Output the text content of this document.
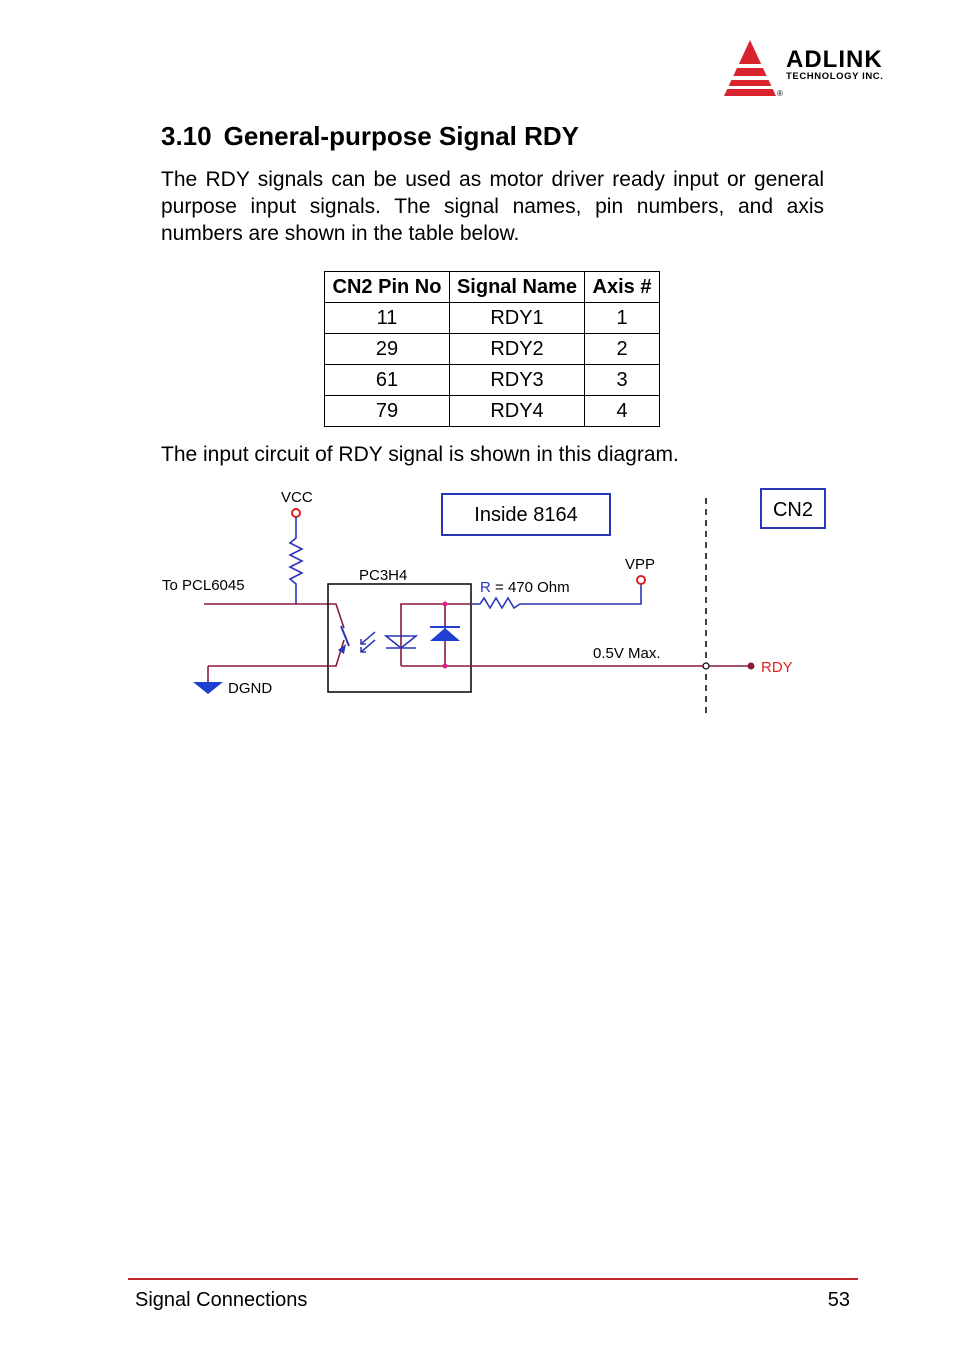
®
ADLINK
TECHNOLOGY INC.
3.10 General-purpose Signal RDY

The RDY signals can be used as motor driver ready input or general purpose input signals. The signal names, pin numbers, and axis numbers are shown in the table below.

CN2 Pin No	Signal Name	Axis #
11	RDY1	1
29	RDY2	2
61	RDY3	3
79	RDY4	4

The input circuit of RDY signal is shown in this diagram.

Inside 8164	CN2
VCC
To PCL6045
DGND
PC3H4
R = 470 Ohm
VPP
0.5V Max.
RDY
Signal Connections	53
